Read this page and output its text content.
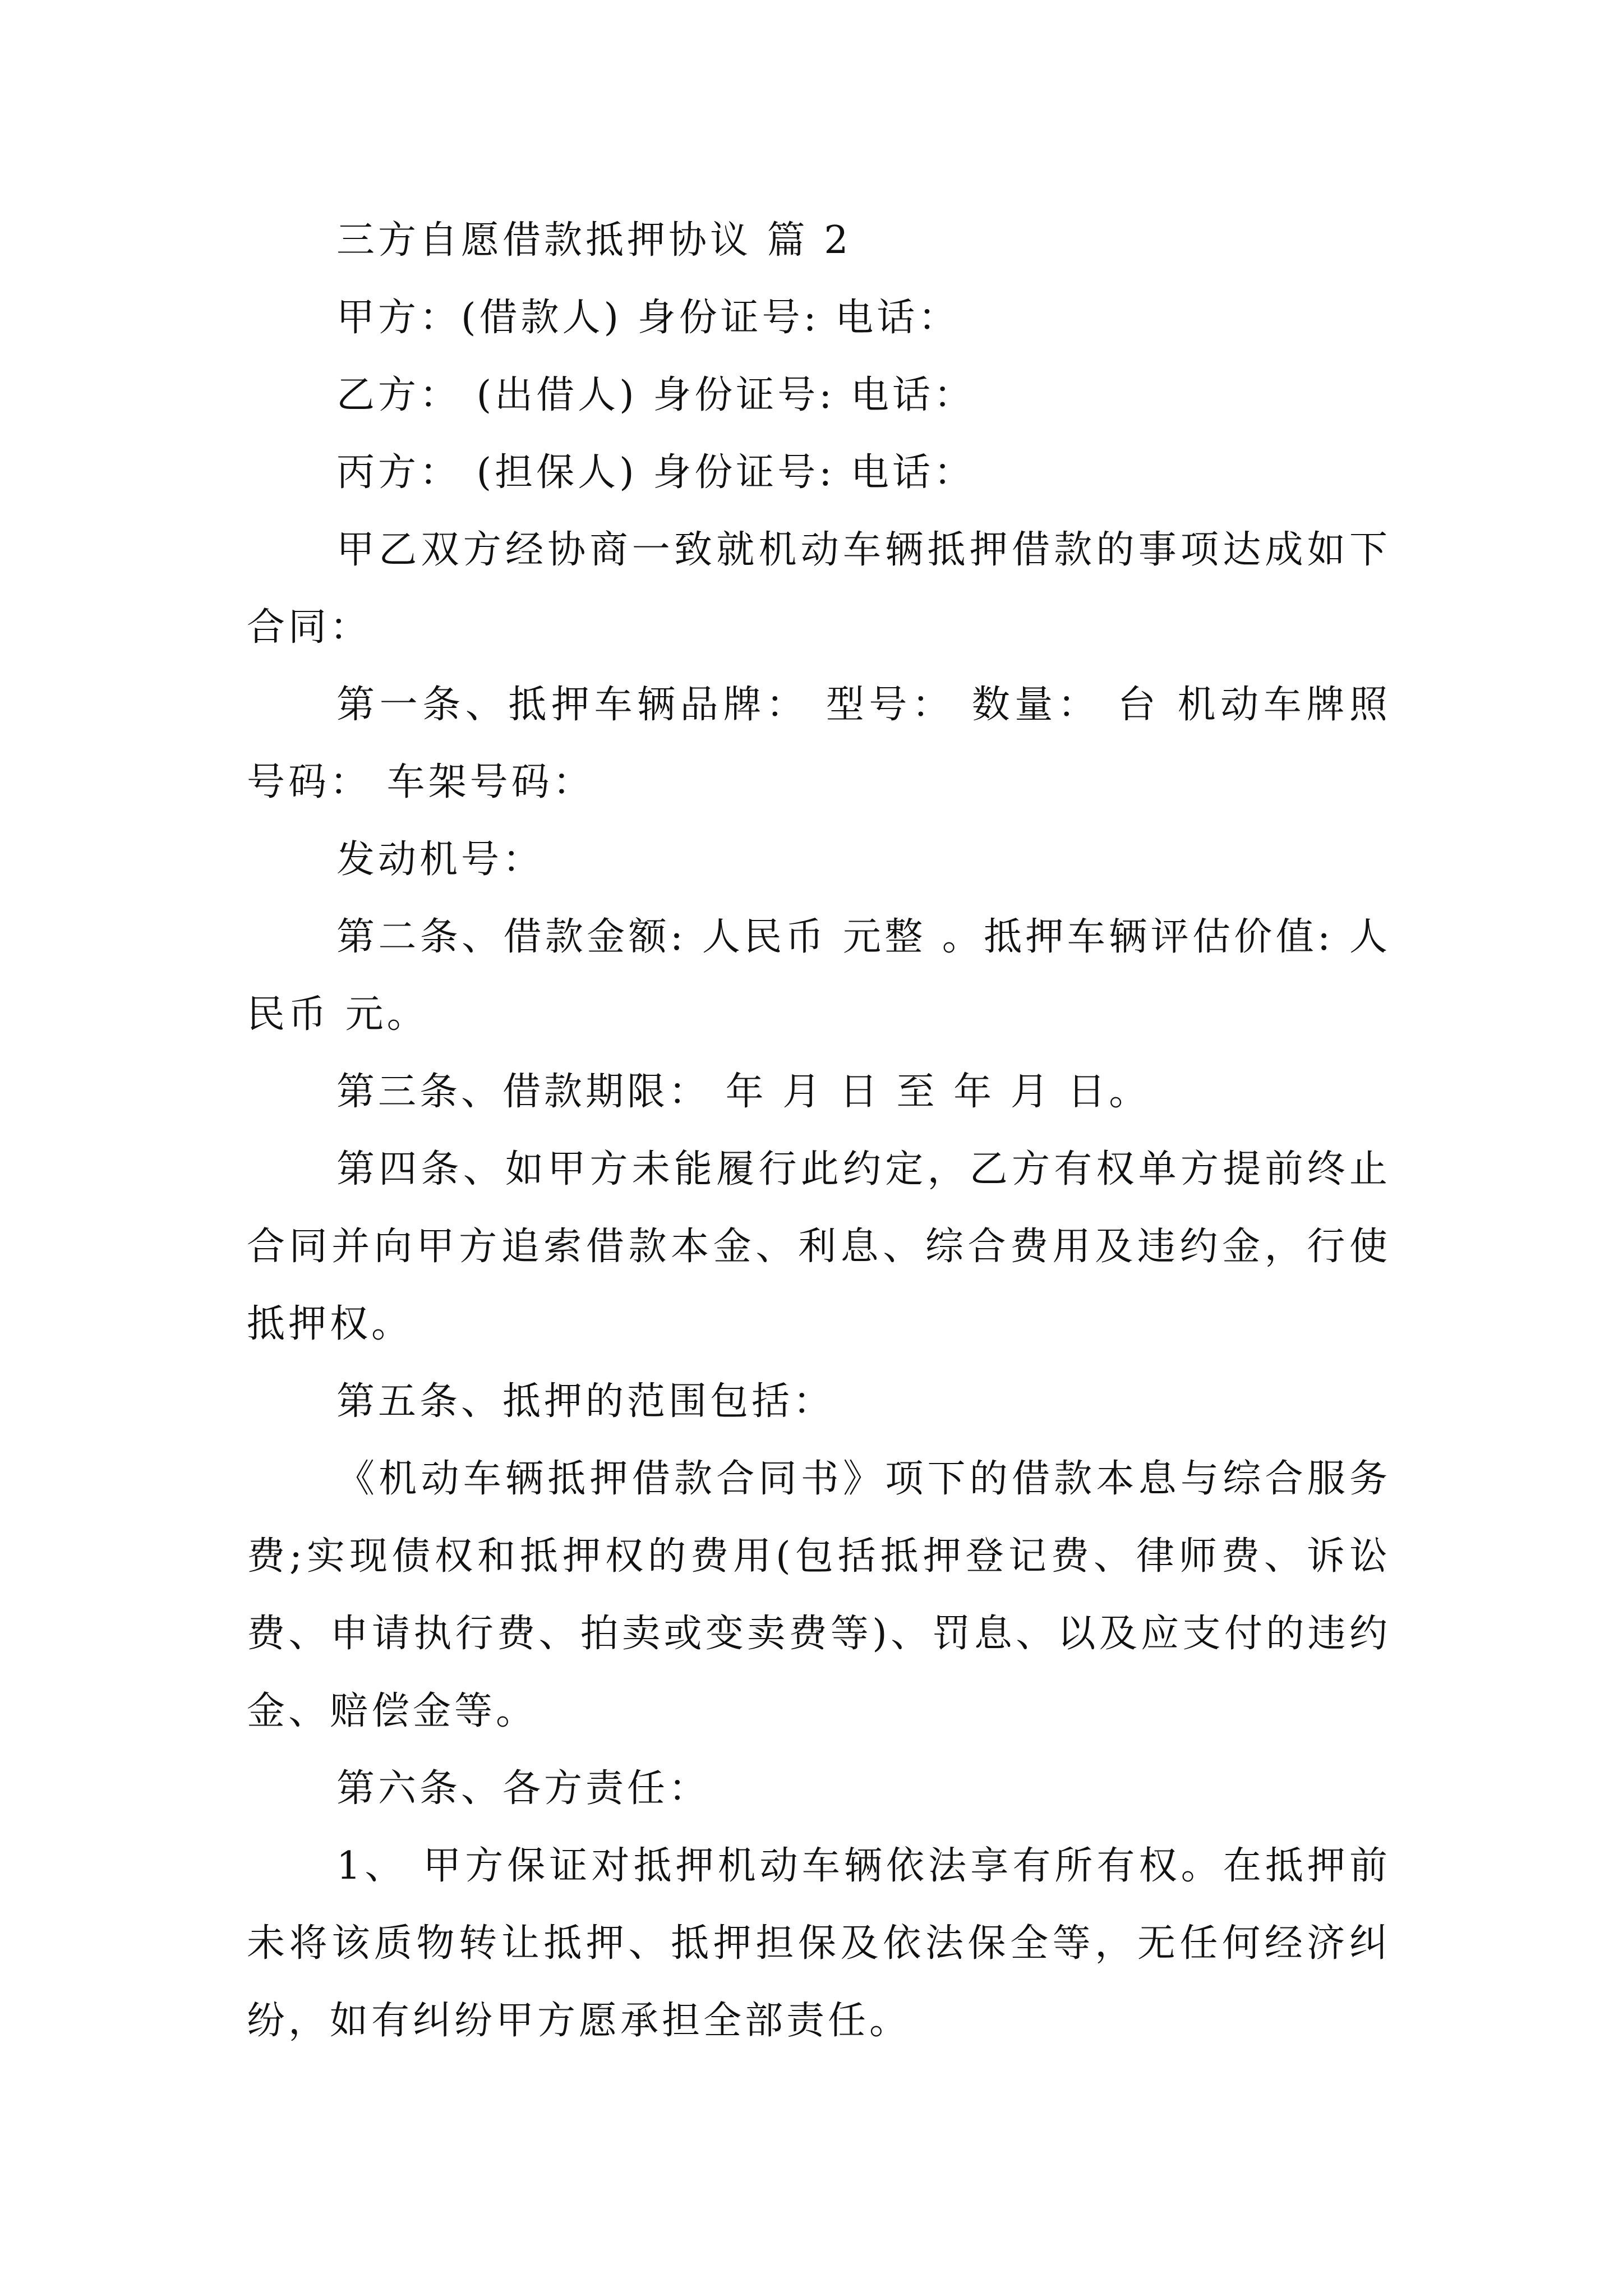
三方自愿借款抵押协议 篇 2

甲方：(借款人) 身份证号: 电话：

乙方： (出借人) 身份证号: 电话：

丙方： (担保人) 身份证号: 电话：

甲乙双方经协商一致就机动车辆抵押借款的事项达成如下合同：

第一条、抵押车辆品牌： 型号： 数量： 台 机动车牌照号码： 车架号码：

发动机号：

第二条、借款金额: 人民币 元整 。抵押车辆评估价值: 人民币 元。

第三条、借款期限： 年 月 日 至 年 月 日。

第四条、如甲方未能履行此约定，乙方有权单方提前终止合同并向甲方追索借款本金、利息、综合费用及违约金，行使抵押权。

第五条、抵押的范围包括：

《机动车辆抵押借款合同书》项下的借款本息与综合服务费;实现债权和抵押权的费用(包括抵押登记费、律师费、诉讼费、申请执行费、拍卖或变卖费等)、罚息、以及应支付的违约金、赔偿金等。

第六条、各方责任：

1、 甲方保证对抵押机动车辆依法享有所有权。在抵押前未将该质物转让抵押、抵押担保及依法保全等，无任何经济纠纷，如有纠纷甲方愿承担全部责任。
